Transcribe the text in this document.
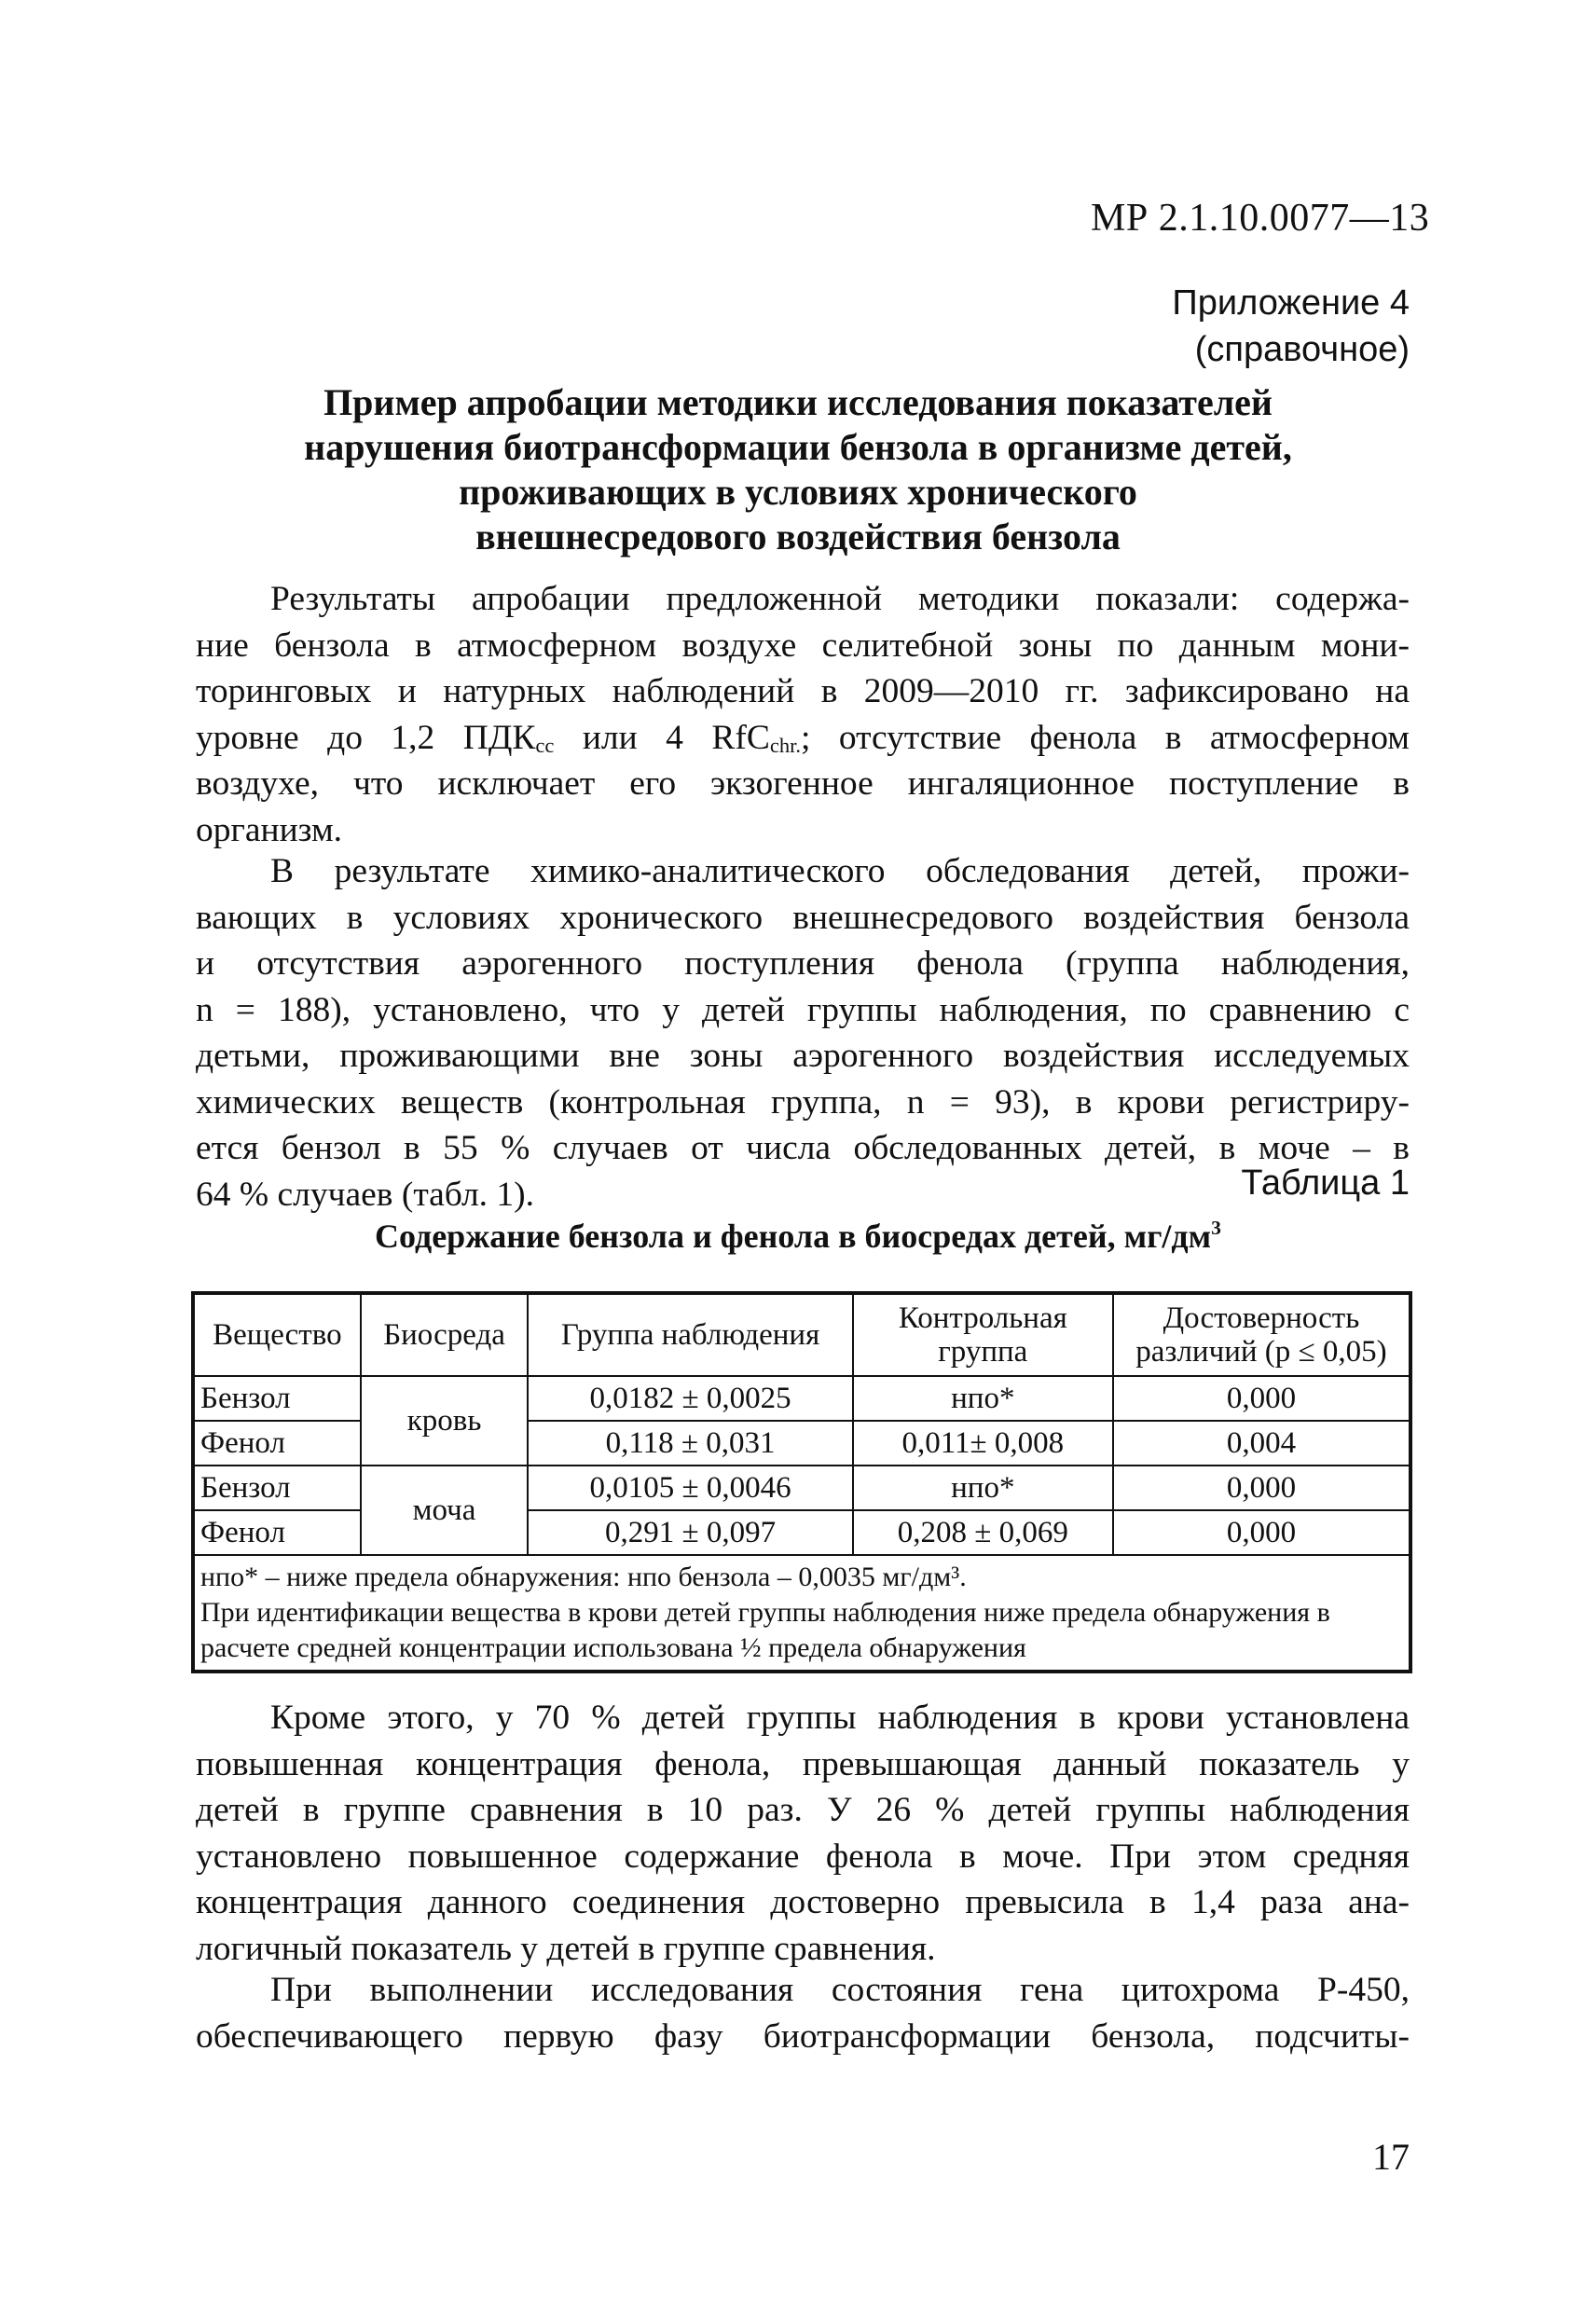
МР 2.1.10.0077—13
Приложение 4
(справочное)
Пример апробации методики исследования показателей
нарушения биотрансформации бензола в организме детей,
проживающих в условиях хронического
внешнесредового воздействия бензола
Результаты апробации предложенной методики показали: содержа-
ние бензола в атмосферном воздухе селитебной зоны по данным мони-
торинговых и натурных наблюдений в 2009—2010 гг. зафиксировано на
уровне до 1,2 $ПДК_{сс}$ или 4 RfC$_{chr.}$; отсутствие фенола в атмосферном
воздухе, что исключает его экзогенное ингаляционное поступление в
организм.
В результате химико-аналитического обследования детей, прожи-
вающих в условиях хронического внешнесредового воздействия бензола
и отсутствия аэрогенного поступления фенола (группа наблюдения,
n = 188), установлено, что у детей группы наблюдения, по сравнению с
детьми, проживающими вне зоны аэрогенного воздействия исследуемых
химических веществ (контрольная группа, n = 93), в крови регистриру-
ется бензол в 55 % случаев от числа обследованных детей, в моче – в
64 % случаев (табл. 1).	Таблица 1
Содержание бензола и фенола в биосредах детей, $мг/дм^3$
Вещество	Биосреда	Группа наблюдения	Контрольная группа	Достоверность различий (p ≤ 0,05)
Бензол	кровь	0,0182 ± 0,0025	нпо*	0,000
Фенол		0,118 ± 0,031	0,011± 0,008	0,004
Бензол	моча	0,0105 ± 0,0046	нпо*	0,000
Фенол		0,291 ± 0,097	0,208 ± 0,069	0,000

нпо* – ниже предела обнаружения: нпо бензола – 0,0035 мг/дм³.
При идентификации вещества в крови детей группы наблюдения ниже предела обнаружения в расчете средней концентрации использована ½ предела обнаружения				
Кроме этого, у 70 % детей группы наблюдения в крови установлена
повышенная концентрация фенола, превышающая данный показатель у
детей в группе сравнения в 10 раз. У 26 % детей группы наблюдения
установлено повышенное содержание фенола в моче. При этом средняя
концентрация данного соединения достоверно превысила в 1,4 раза ана-
логичный показатель у детей в группе сравнения.
При выполнении исследования состояния гена цитохрома Р-450,
обеспечивающего первую фазу биотрансформации бензола, подсчиты-
17
